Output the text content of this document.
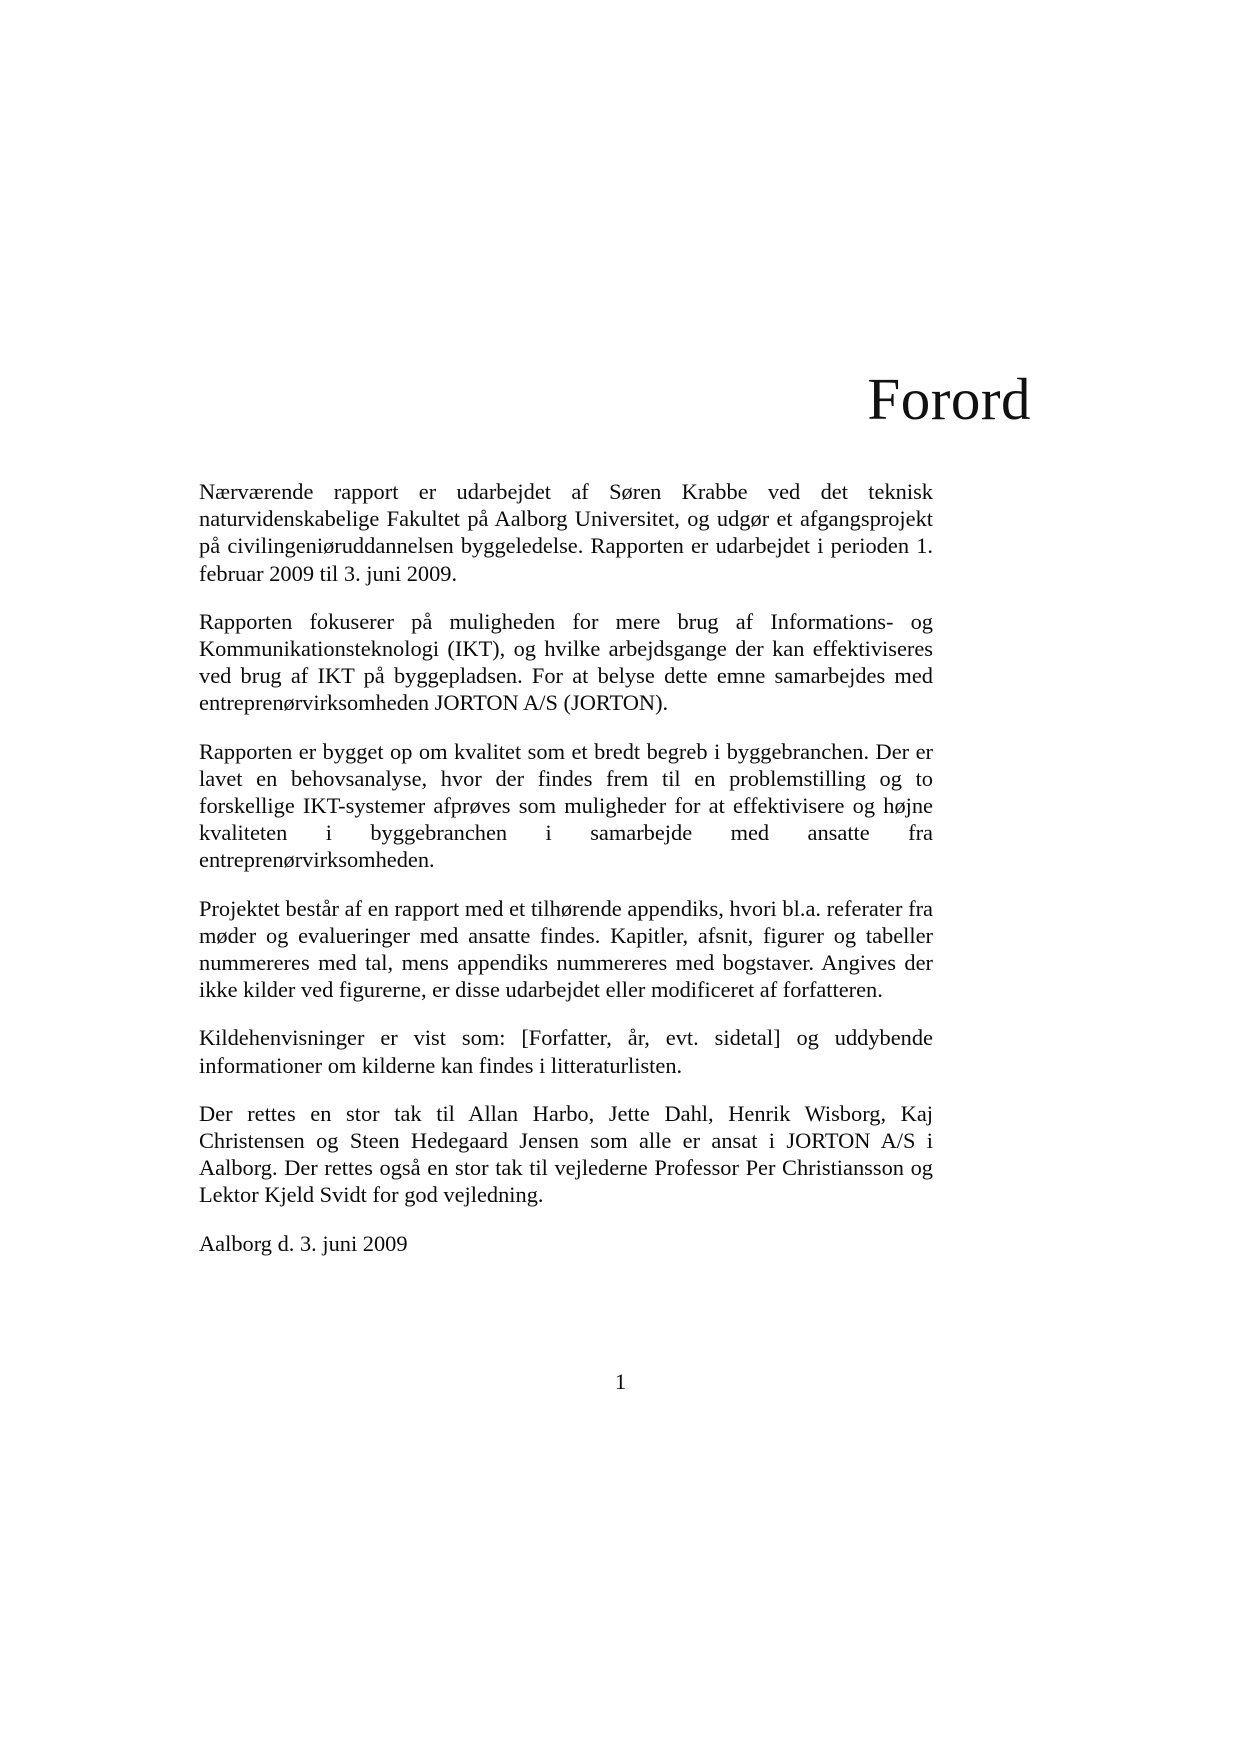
Forord

Nærværende rapport er udarbejdet af Søren Krabbe ved det teknisk naturvidenskabelige Fakultet på Aalborg Universitet, og udgør et afgangsprojekt på civilingeniøruddannelsen byggeledelse. Rapporten er udarbejdet i perioden 1. februar 2009 til 3. juni 2009.

Rapporten fokuserer på muligheden for mere brug af Informations- og Kommunikationsteknologi (IKT), og hvilke arbejdsgange der kan effektiviseres ved brug af IKT på byggepladsen. For at belyse dette emne samarbejdes med entreprenørvirksomheden JORTON A/S (JORTON).

Rapporten er bygget op om kvalitet som et bredt begreb i byggebranchen. Der er lavet en behovsanalyse, hvor der findes frem til en problemstilling og to forskellige IKT-systemer afprøves som muligheder for at effektivisere og højne kvaliteten i byggebranchen i samarbejde med ansatte fra entreprenørvirksomheden.

Projektet består af en rapport med et tilhørende appendiks, hvori bl.a. referater fra møder og evalueringer med ansatte findes. Kapitler, afsnit, figurer og tabeller nummereres med tal, mens appendiks nummereres med bogstaver. Angives der ikke kilder ved figurerne, er disse udarbejdet eller modificeret af forfatteren.

Kildehenvisninger er vist som: [Forfatter, år, evt. sidetal] og uddybende informationer om kilderne kan findes i litteraturlisten.

Der rettes en stor tak til Allan Harbo, Jette Dahl, Henrik Wisborg, Kaj Christensen og Steen Hedegaard Jensen som alle er ansat i JORTON A/S i Aalborg. Der rettes også en stor tak til vejlederne Professor Per Christiansson og Lektor Kjeld Svidt for god vejledning.

Aalborg d. 3. juni 2009

1
